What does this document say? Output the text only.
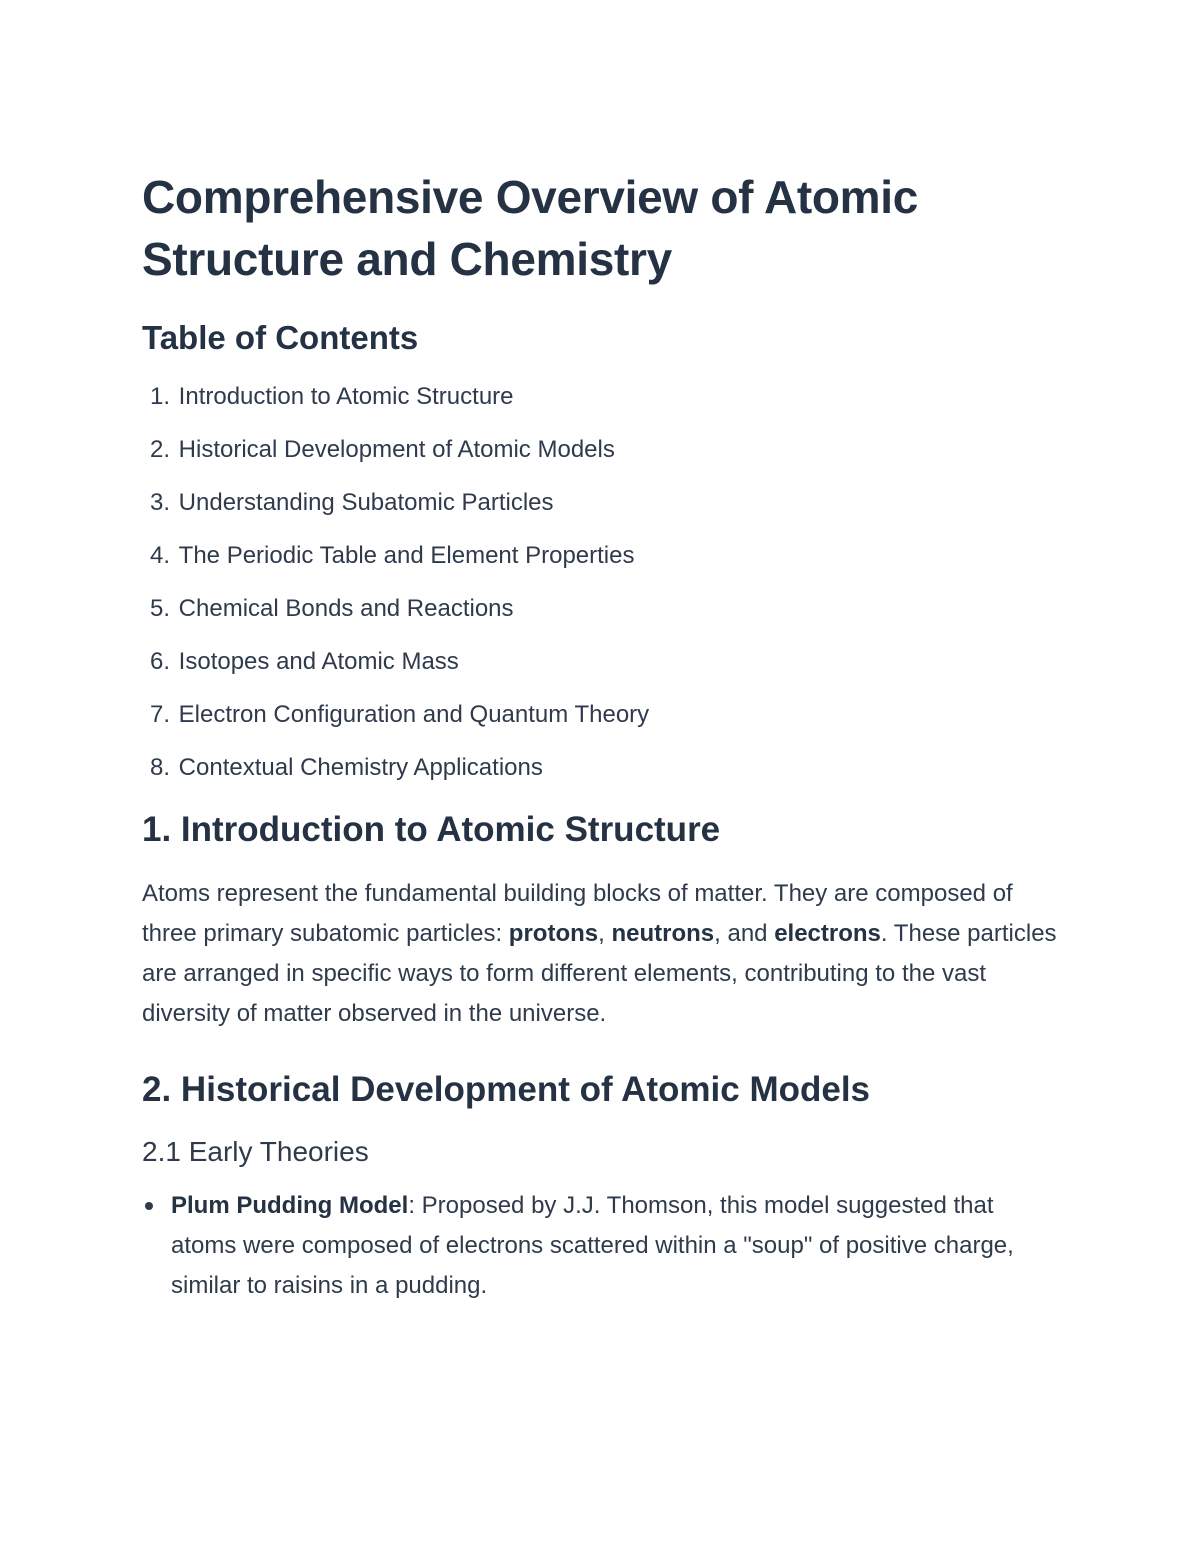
Comprehensive Overview of Atomic Structure and Chemistry
Table of Contents
1.
Introduction to Atomic Structure
2.
Historical Development of Atomic Models
3.
Understanding Subatomic Particles
4.
The Periodic Table and Element Properties
5.
Chemical Bonds and Reactions
6.
Isotopes and Atomic Mass
7.
Electron Configuration and Quantum Theory
8.
Contextual Chemistry Applications
1. Introduction to Atomic Structure

Atoms represent the fundamental building blocks of matter. They are composed of three primary subatomic particles: protons, neutrons, and electrons. These particles are arranged in specific ways to form different elements, contributing to the vast diversity of matter observed in the universe.

2. Historical Development of Atomic Models
2.1 Early Theories
Plum Pudding Model: Proposed by J.J. Thomson, this model suggested that atoms were composed of electrons scattered within a "soup" of positive charge, similar to raisins in a pudding.
